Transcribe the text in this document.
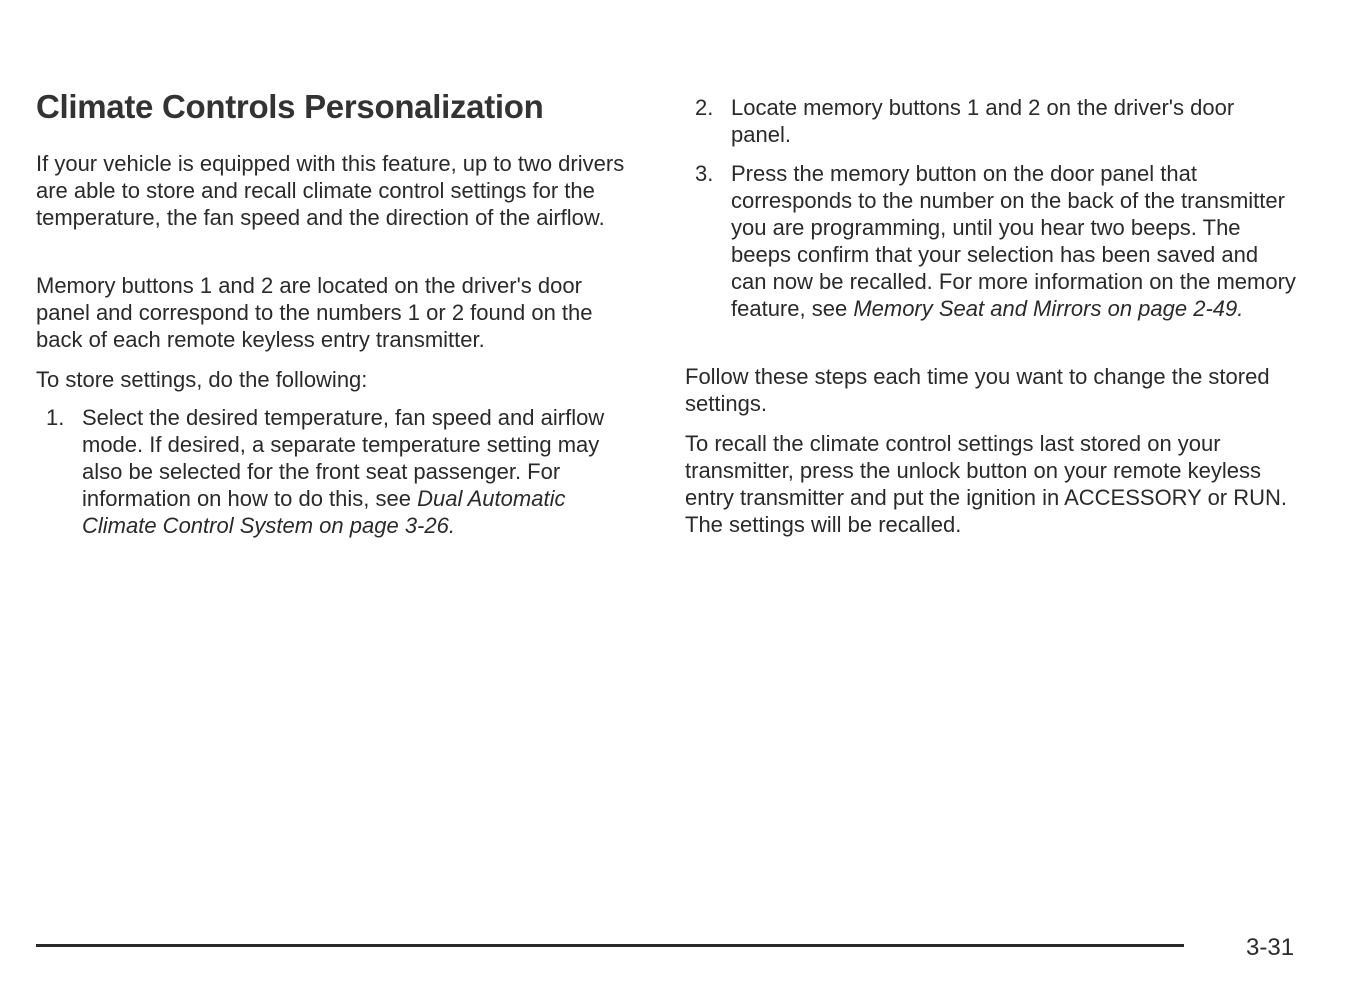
Climate Controls Personalization

If your vehicle is equipped with this feature, up to two drivers are able to store and recall climate control settings for the temperature, the fan speed and the direction of the airflow.

Memory buttons 1 and 2 are located on the driver's door panel and correspond to the numbers 1 or 2 found on the back of each remote keyless entry transmitter.

To store settings, do the following:

1. Select the desired temperature, fan speed and airflow mode. If desired, a separate temperature setting may also be selected for the front seat passenger. For information on how to do this, see Dual Automatic Climate Control System on page 3-26.

2. Locate memory buttons 1 and 2 on the driver's door panel.

3. Press the memory button on the door panel that corresponds to the number on the back of the transmitter you are programming, until you hear two beeps. The beeps confirm that your selection has been saved and can now be recalled. For more information on the memory feature, see Memory Seat and Mirrors on page 2-49.

Follow these steps each time you want to change the stored settings.

To recall the climate control settings last stored on your transmitter, press the unlock button on your remote keyless entry transmitter and put the ignition in ACCESSORY or RUN. The settings will be recalled.

3-31
